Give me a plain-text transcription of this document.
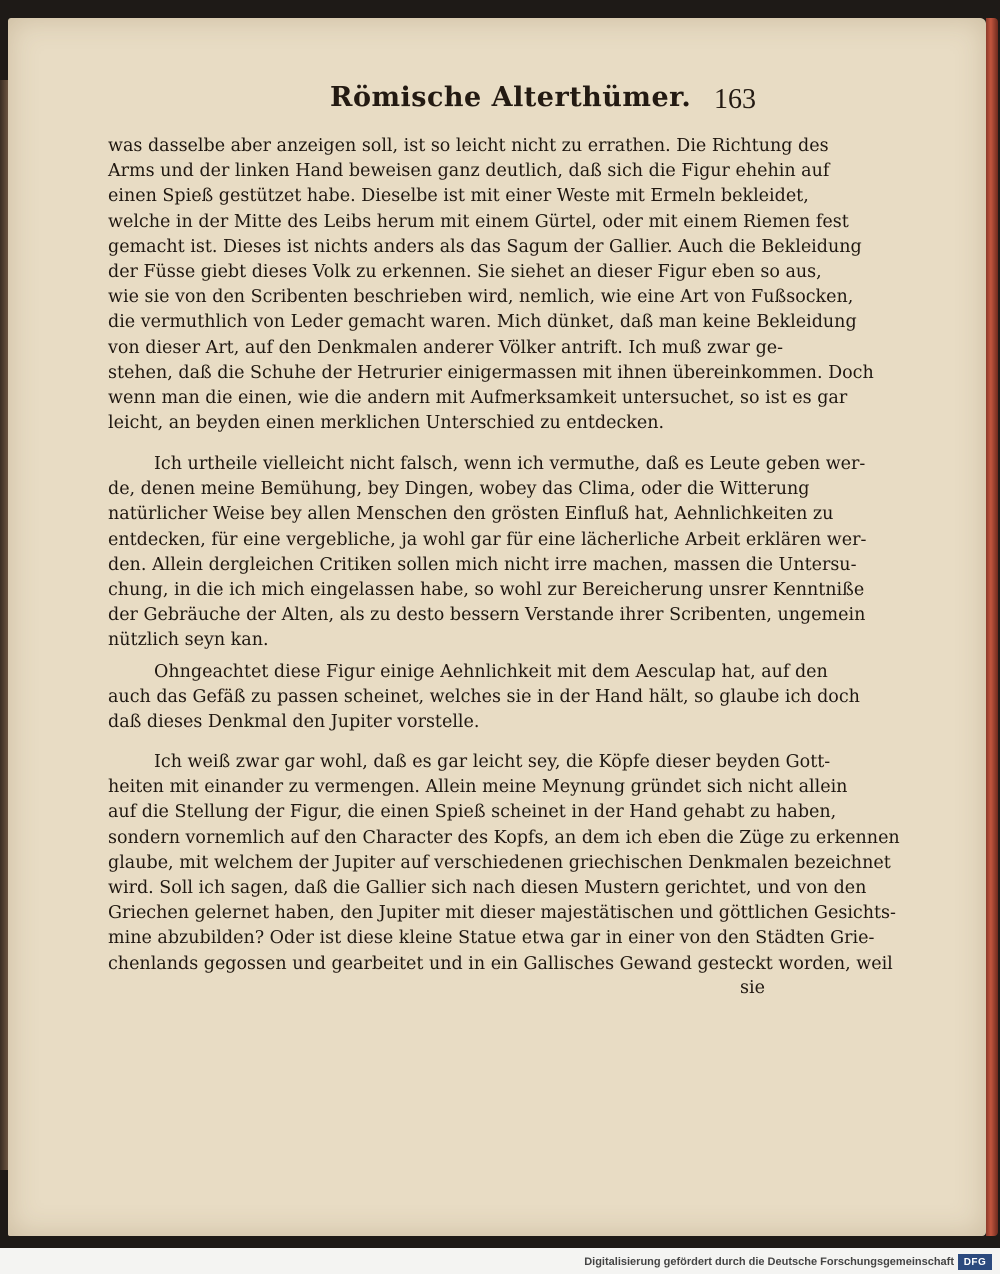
Römische Alterthümer. 163
was dasselbe aber anzeigen soll, ist so leicht nicht zu errathen. Die Richtung des
Arms und der linken Hand beweisen ganz deutlich, daß sich die Figur ehehin auf
einen Spieß gestützet habe. Dieselbe ist mit einer Weste mit Ermeln bekleidet,
welche in der Mitte des Leibs herum mit einem Gürtel, oder mit einem Riemen fest
gemacht ist. Dieses ist nichts anders als das Sagum der Gallier. Auch die Bekleidung
der Füsse giebt dieses Volk zu erkennen. Sie siehet an dieser Figur eben so aus,
wie sie von den Scribenten beschrieben wird, nemlich, wie eine Art von Fußsocken,
die vermuthlich von Leder gemacht waren. Mich dünket, daß man keine Bekleidung
von dieser Art, auf den Denkmalen anderer Völker antrift. Ich muß zwar ge-
stehen, daß die Schuhe der Hetrurier einigermassen mit ihnen übereinkommen. Doch
wenn man die einen, wie die andern mit Aufmerksamkeit untersuchet, so ist es gar
leicht, an beyden einen merklichen Unterschied zu entdecken.
Ich urtheile vielleicht nicht falsch, wenn ich vermuthe, daß es Leute geben wer-
de, denen meine Bemühung, bey Dingen, wobey das Clima, oder die Witterung
natürlicher Weise bey allen Menschen den grösten Einfluß hat, Aehnlichkeiten zu
entdecken, für eine vergebliche, ja wohl gar für eine lächerliche Arbeit erklären wer-
den. Allein dergleichen Critiken sollen mich nicht irre machen, massen die Untersu-
chung, in die ich mich eingelassen habe, so wohl zur Bereicherung unsrer Kenntniße
der Gebräuche der Alten, als zu desto bessern Verstande ihrer Scribenten, ungemein
nützlich seyn kan.
Ohngeachtet diese Figur einige Aehnlichkeit mit dem Aesculap hat, auf den
auch das Gefäß zu passen scheinet, welches sie in der Hand hält, so glaube ich doch
daß dieses Denkmal den Jupiter vorstelle.
Ich weiß zwar gar wohl, daß es gar leicht sey, die Köpfe dieser beyden Gott-
heiten mit einander zu vermengen. Allein meine Meynung gründet sich nicht allein
auf die Stellung der Figur, die einen Spieß scheinet in der Hand gehabt zu haben,
sondern vornemlich auf den Character des Kopfs, an dem ich eben die Züge zu erkennen
glaube, mit welchem der Jupiter auf verschiedenen griechischen Denkmalen bezeichnet
wird. Soll ich sagen, daß die Gallier sich nach diesen Mustern gerichtet, und von den
Griechen gelernet haben, den Jupiter mit dieser majestätischen und göttlichen Gesichts-
mine abzubilden? Oder ist diese kleine Statue etwa gar in einer von den Städten Grie-
chenlands gegossen und gearbeitet und in ein Gallisches Gewand gesteckt worden, weil
sie
Digitalisierung gefördert durch die Deutsche Forschungsgemeinschaft DFG
